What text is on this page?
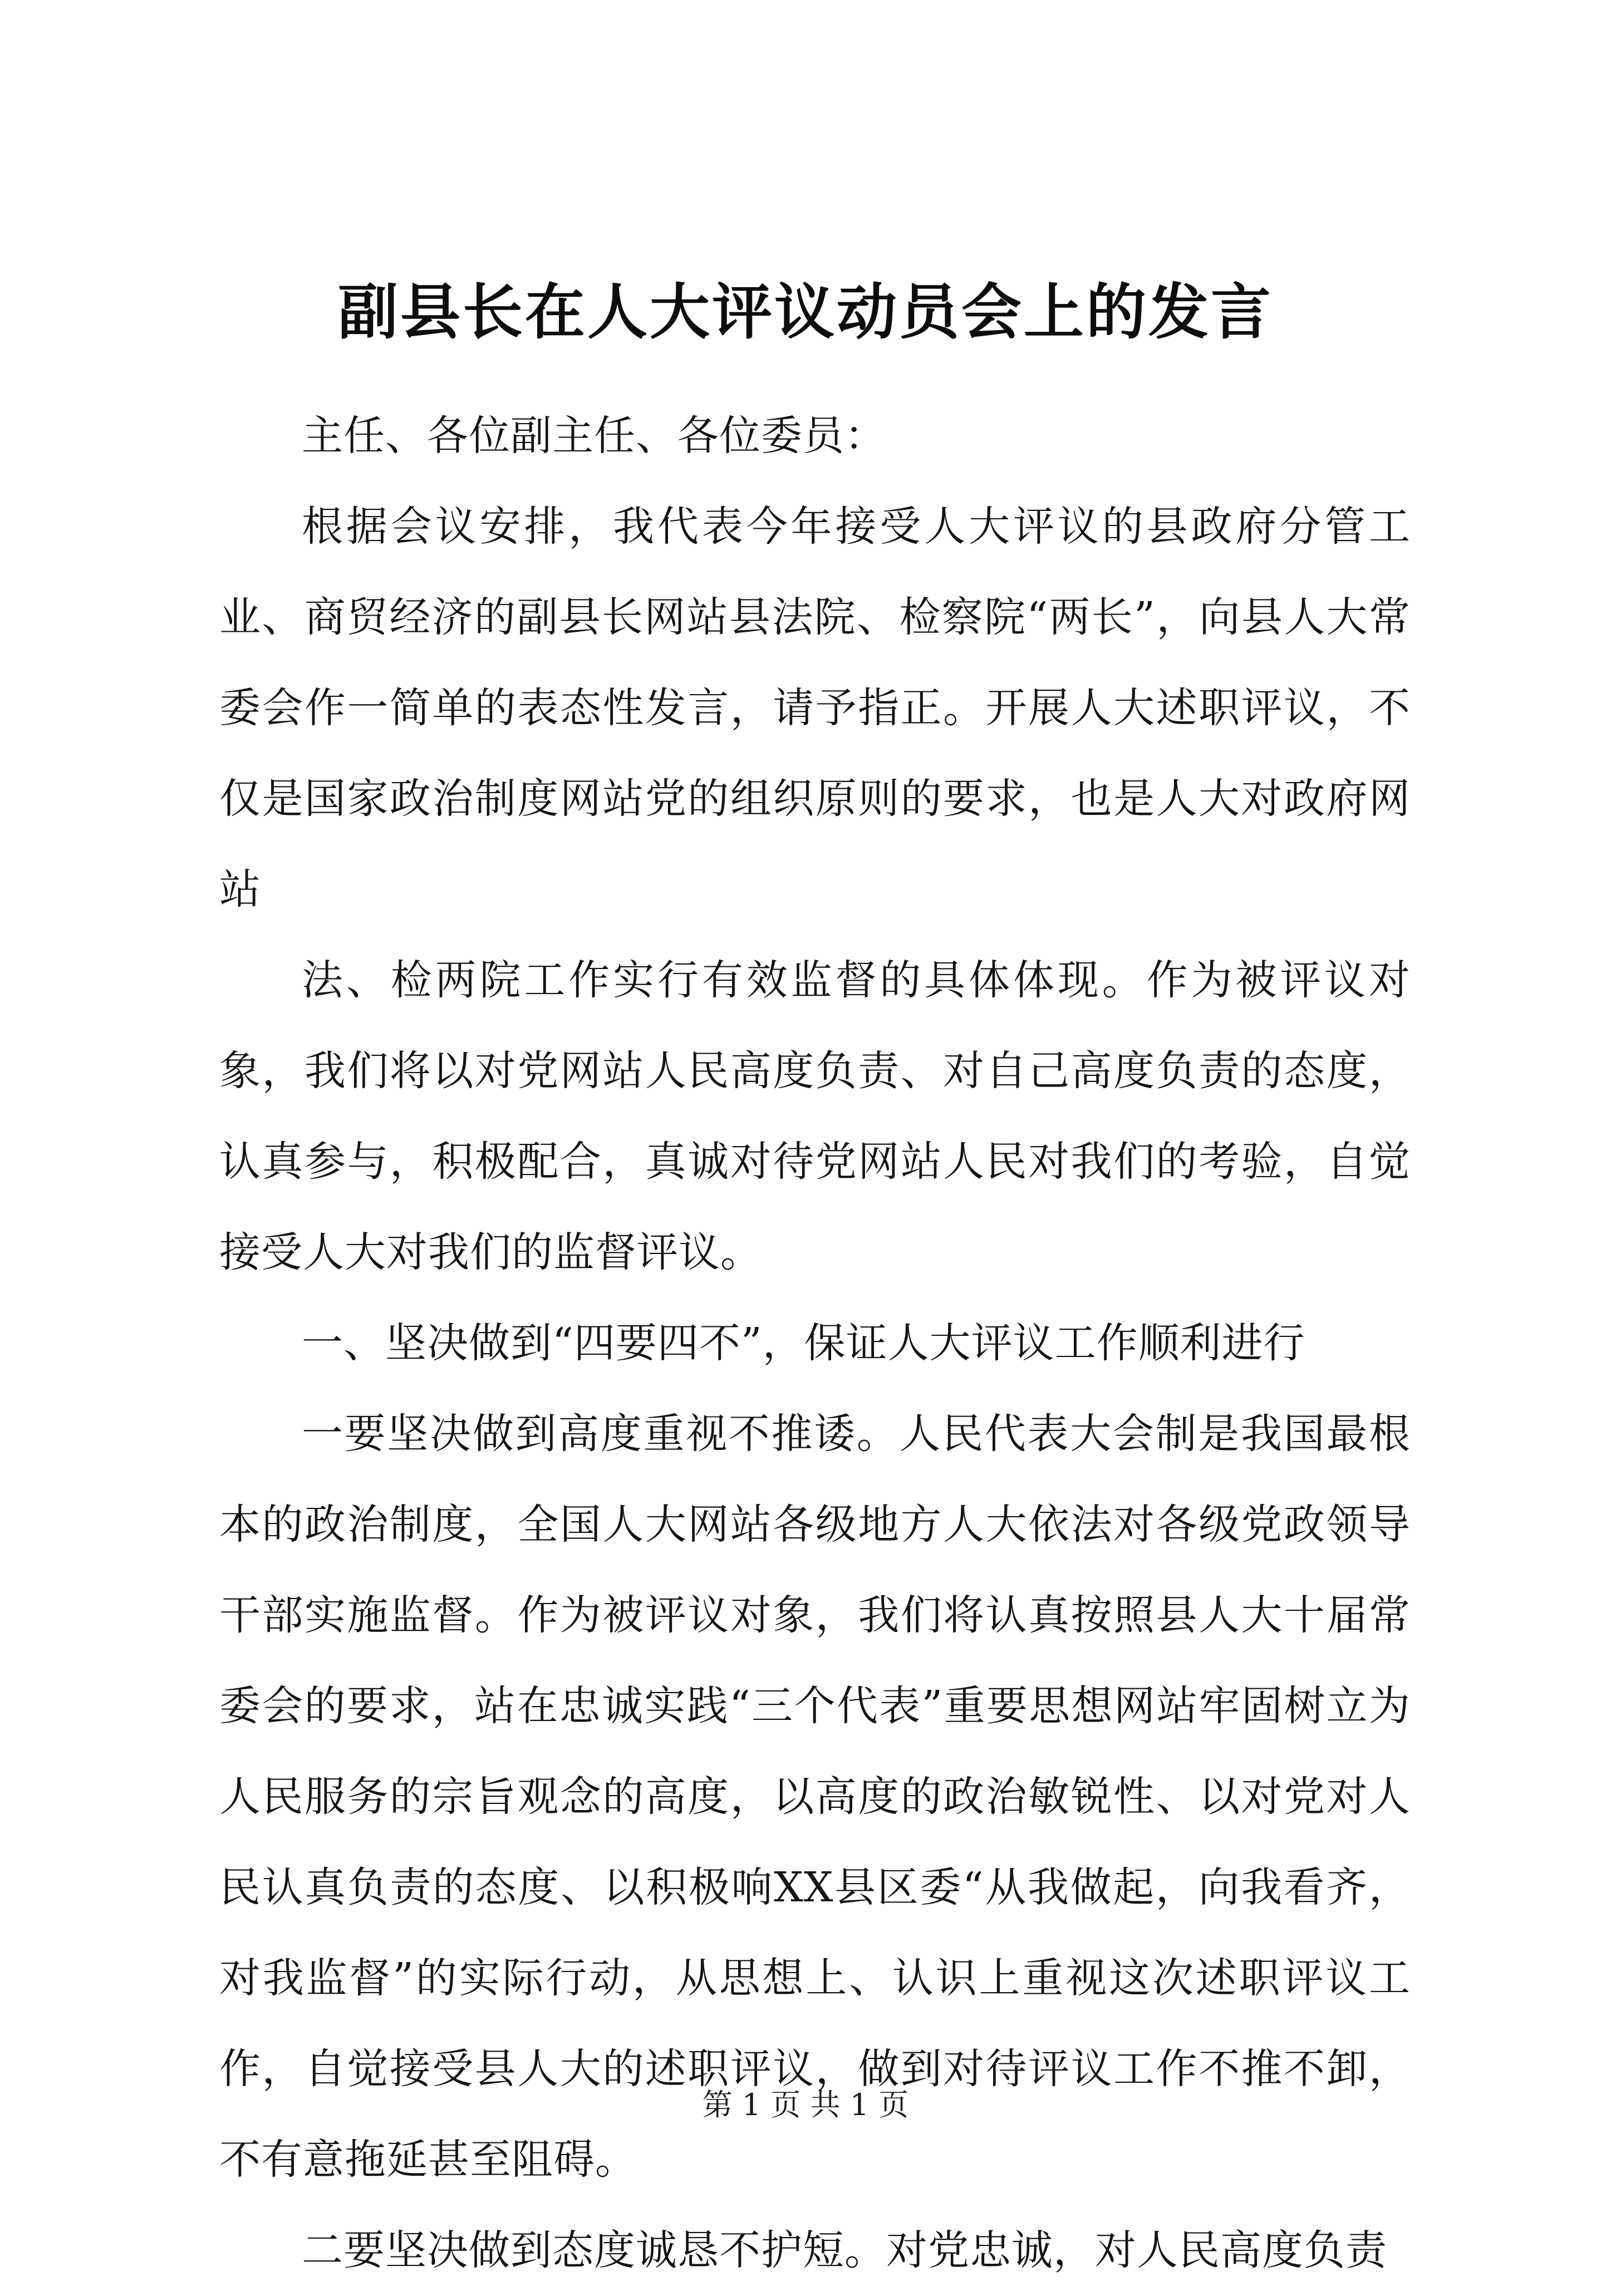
副县长在人大评议动员会上的发言

主任、各位副主任、各位委员：

根据会议安排，我代表今年接受人大评议的县政府分管工业、商贸经济的副县长网站县法院、检察院“两长”，向县人大常委会作一简单的表态性发言，请予指正。开展人大述职评议，不仅是国家政治制度网站党的组织原则的要求，也是人大对政府网站

法、检两院工作实行有效监督的具体体现。作为被评议对象，我们将以对党网站人民高度负责、对自己高度负责的态度，认真参与，积极配合，真诚对待党网站人民对我们的考验，自觉接受人大对我们的监督评议。

一、坚决做到“四要四不”，保证人大评议工作顺利进行

一要坚决做到高度重视不推诿。人民代表大会制是我国最根本的政治制度，全国人大网站各级地方人大依法对各级党政领导干部实施监督。作为被评议对象，我们将认真按照县人大十届常委会的要求，站在忠诚实践“三个代表”重要思想网站牢固树立为人民服务的宗旨观念的高度，以高度的政治敏锐性、以对党对人民认真负责的态度、以积极响XX县区委“从我做起，向我看齐，对我监督”的实际行动，从思想上、认识上重视这次述职评议工作，自觉接受县人大的述职评议，做到对待评议工作不推不卸，不有意拖延甚至阻碍。

二要坚决做到态度诚恳不护短。对党忠诚，对人民高度负责

第 1 页 共 1 页
